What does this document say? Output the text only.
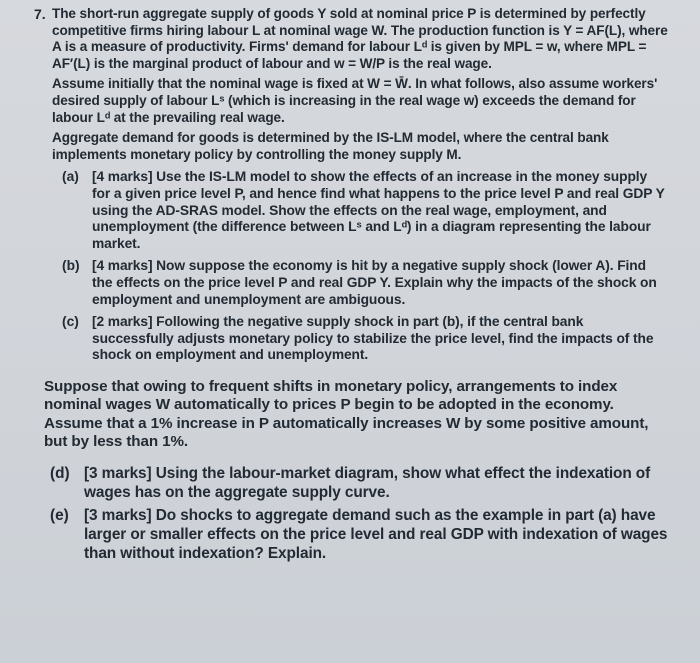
7. The short-run aggregate supply of goods Y sold at nominal price P is determined by perfectly competitive firms hiring labour L at nominal wage W. The production function is Y = AF(L), where A is a measure of productivity. Firms' demand for labour Lᵈ is given by MPL = w, where MPL = AF′(L) is the marginal product of labour and w = W/P is the real wage.
Assume initially that the nominal wage is fixed at W = W̄. In what follows, also assume workers' desired supply of labour Lˢ (which is increasing in the real wage w) exceeds the demand for labour Lᵈ at the prevailing real wage.
Aggregate demand for goods is determined by the IS-LM model, where the central bank implements monetary policy by controlling the money supply M.
(a) [4 marks] Use the IS-LM model to show the effects of an increase in the money supply for a given price level P, and hence find what happens to the price level P and real GDP Y using the AD-SRAS model. Show the effects on the real wage, employment, and unemployment (the difference between Lˢ and Lᵈ) in a diagram representing the labour market.
(b) [4 marks] Now suppose the economy is hit by a negative supply shock (lower A). Find the effects on the price level P and real GDP Y. Explain why the impacts of the shock on employment and unemployment are ambiguous.
(c) [2 marks] Following the negative supply shock in part (b), if the central bank successfully adjusts monetary policy to stabilize the price level, find the impacts of the shock on employment and unemployment.
Suppose that owing to frequent shifts in monetary policy, arrangements to index nominal wages W automatically to prices P begin to be adopted in the economy. Assume that a 1% increase in P automatically increases W by some positive amount, but by less than 1%.
(d) [3 marks] Using the labour-market diagram, show what effect the indexation of wages has on the aggregate supply curve.
(e) [3 marks] Do shocks to aggregate demand such as the example in part (a) have larger or smaller effects on the price level and real GDP with indexation of wages than without indexation? Explain.
